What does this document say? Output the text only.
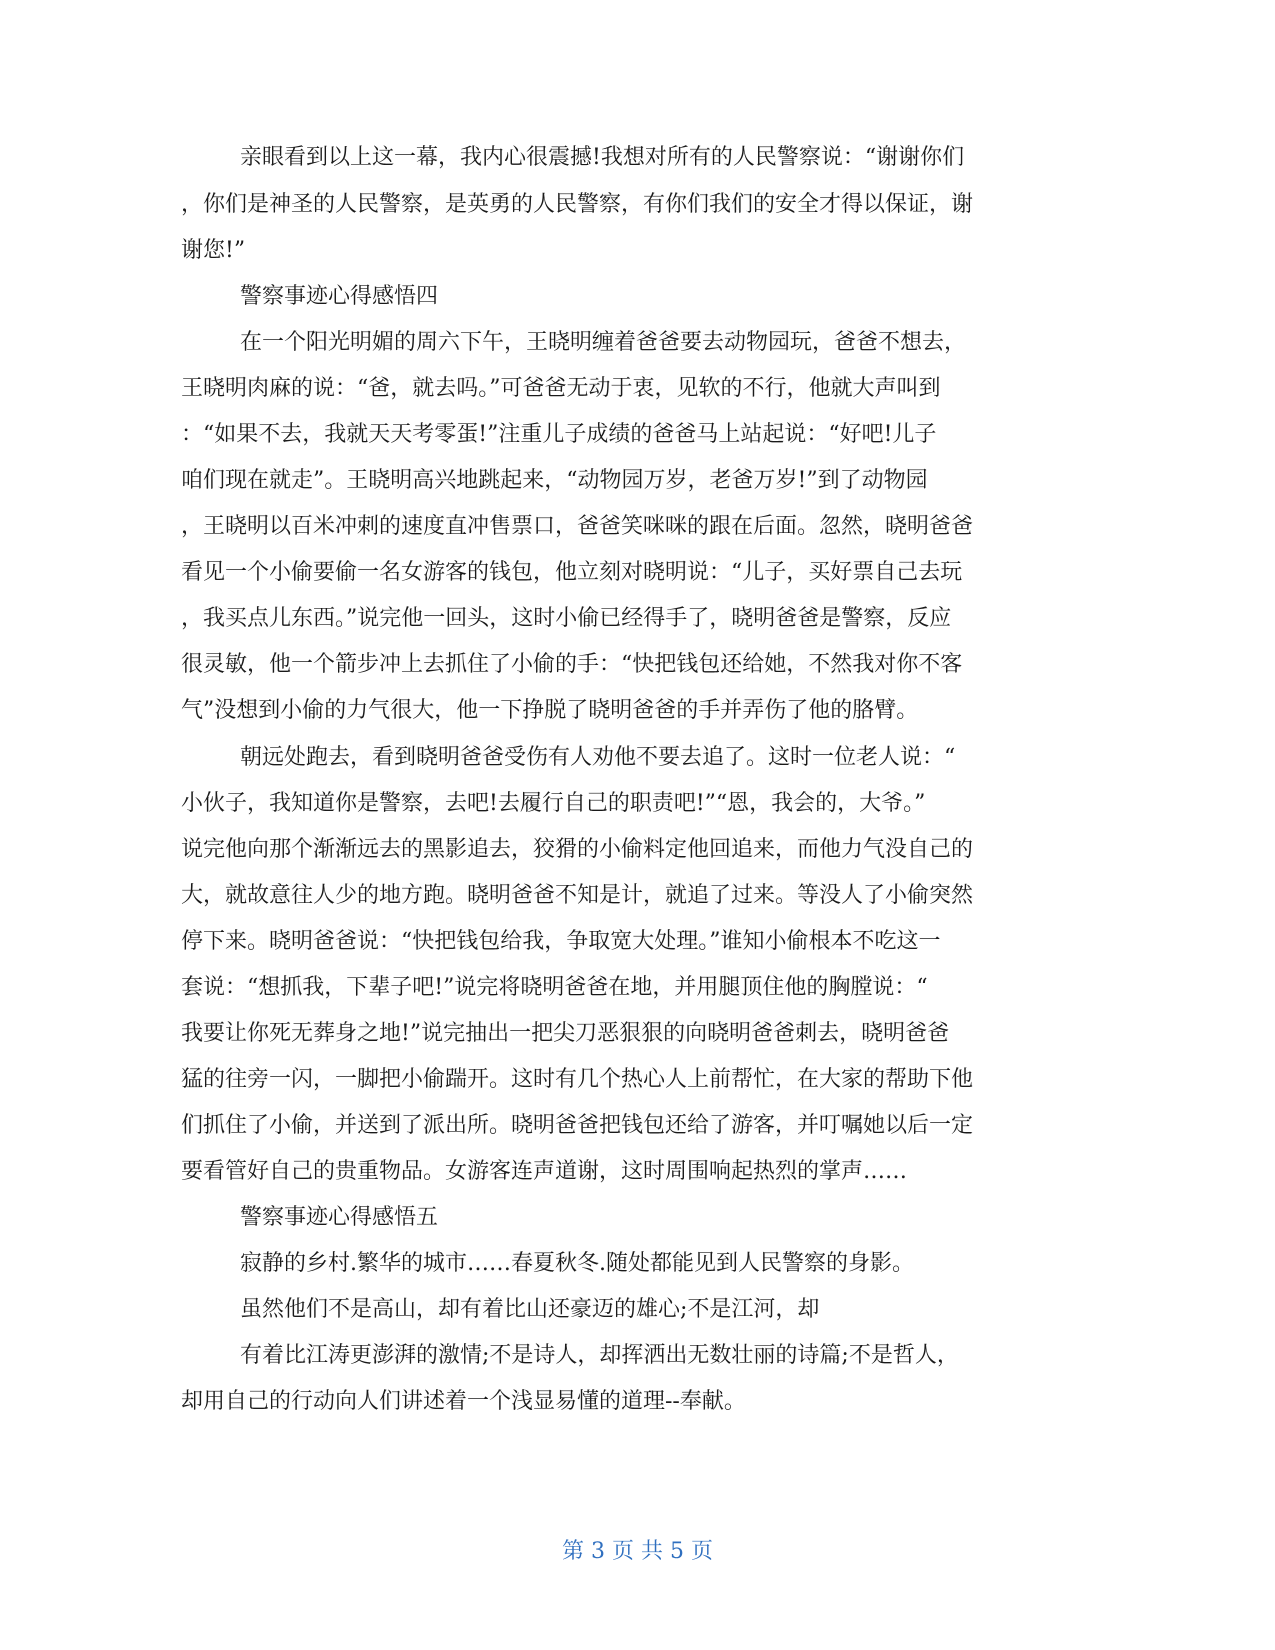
亲眼看到以上这一幕，我内心很震撼!我想对所有的人民警察说：“谢谢你们
，你们是神圣的人民警察，是英勇的人民警察，有你们我们的安全才得以保证，谢
谢您!”
警察事迹心得感悟四
在一个阳光明媚的周六下午，王晓明缠着爸爸要去动物园玩，爸爸不想去，
王晓明肉麻的说：“爸，就去吗。”可爸爸无动于衷，见软的不行，他就大声叫到
：“如果不去，我就天天考零蛋!”注重儿子成绩的爸爸马上站起说：“好吧!儿子
咱们现在就走”。王晓明高兴地跳起来，“动物园万岁，老爸万岁!”到了动物园
，王晓明以百米冲刺的速度直冲售票口，爸爸笑咪咪的跟在后面。忽然，晓明爸爸
看见一个小偷要偷一名女游客的钱包，他立刻对晓明说：“儿子，买好票自己去玩
，我买点儿东西。”说完他一回头，这时小偷已经得手了，晓明爸爸是警察，反应
很灵敏，他一个箭步冲上去抓住了小偷的手：“快把钱包还给她，不然我对你不客
气”没想到小偷的力气很大，他一下挣脱了晓明爸爸的手并弄伤了他的胳臂。
朝远处跑去，看到晓明爸爸受伤有人劝他不要去追了。这时一位老人说：“
小伙子，我知道你是警察，去吧!去履行自己的职责吧!”“恩，我会的，大爷。”
说完他向那个渐渐远去的黑影追去，狡猾的小偷料定他回追来，而他力气没自己的
大，就故意往人少的地方跑。晓明爸爸不知是计，就追了过来。等没人了小偷突然
停下来。晓明爸爸说：“快把钱包给我，争取宽大处理。”谁知小偷根本不吃这一
套说：“想抓我，下辈子吧!”说完将晓明爸爸在地，并用腿顶住他的胸膛说：“
我要让你死无葬身之地!”说完抽出一把尖刀恶狠狠的向晓明爸爸刺去，晓明爸爸
猛的往旁一闪，一脚把小偷踹开。这时有几个热心人上前帮忙，在大家的帮助下他
们抓住了小偷，并送到了派出所。晓明爸爸把钱包还给了游客，并叮嘱她以后一定
要看管好自己的贵重物品。女游客连声道谢，这时周围响起热烈的掌声……
警察事迹心得感悟五
寂静的乡村.繁华的城市……春夏秋冬.随处都能见到人民警察的身影。
虽然他们不是高山，却有着比山还豪迈的雄心;不是江河，却
有着比江涛更澎湃的激情;不是诗人，却挥洒出无数壮丽的诗篇;不是哲人，
却用自己的行动向人们讲述着一个浅显易懂的道理--奉献。
第 3 页 共 5 页
